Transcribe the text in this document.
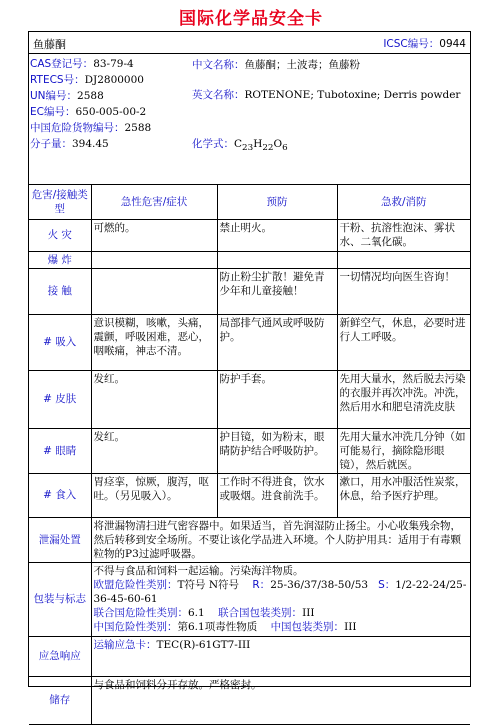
国际化学品安全卡
鱼藤酮	ICSC编号：0944
CAS登记号：83-79-4
RTECS号：DJ2800000
UN编号：2588
EC编号：650-005-00-2
中国危险货物编号：2588
分子量：394.45
中文名称：鱼藤酮；土波毒；鱼藤粉
英文名称：ROTENONE; Tubotoxine; Derris powder
化学式：$C_{23}H_{22}O_6$
危害/接触类型	急性危害/症状	预防	急救/消防
火 灾	可燃的。	禁止明火。	干粉、抗溶性泡沫、雾状水、二氧化碳。
爆 炸			
接 触		防止粉尘扩散！避免青少年和儿童接触！	一切情况均向医生咨询！
# 吸入	意识模糊，咳嗽，头痛，震颤，呼吸困难，恶心，咽喉痛，神志不清。	局部排气通风或呼吸防护。	新鲜空气，休息，必要时进行人工呼吸。
# 皮肤	发红。	防护手套。	先用大量水，然后脱去污染的衣服并再次冲洗。冲洗，然后用水和肥皂清洗皮肤
# 眼睛	发红。	护目镜，如为粉末，眼睛防护结合呼吸防护。	先用大量水冲洗几分钟（如可能易行，摘除隐形眼镜），然后就医。
# 食入	胃痉挛，惊厥，腹泻，呕吐。（另见吸入）。	工作时不得进食，饮水或吸烟。进食前洗手。	漱口，用水冲服活性炭浆，休息，给予医疗护理。
泄漏处置	将泄漏物清扫进气密容器中。如果适当，首先润湿防止扬尘。小心收集残余物，然后转移到安全场所。不要让该化学品进入环境。个人防护用具：适用于有毒颗粒物的P3过滤呼吸器。		
包装与标志	不得与食品和饲料一起运输。污染海洋物质。
欧盟危险性类别：T符号 N符号 R：25-36/37/38-50/53 S：1/2-22-24/25-36-45-60-61
联合国危险性类别：6.1 联合国包装类别：III
中国危险性类别：第6.1项毒性物质 中国包装类别：III		

应急响应	运输应急卡：TEC(R)-61GT7-III		
储存	与食品和饲料分开存放。严格密封。		
